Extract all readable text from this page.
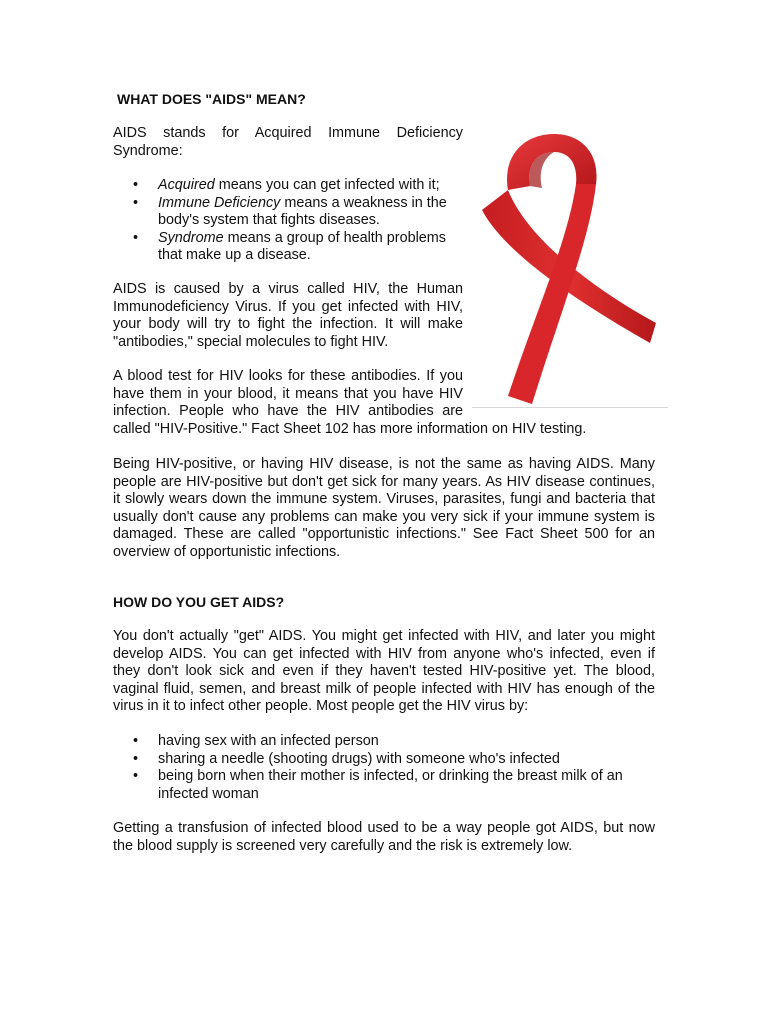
WHAT DOES "AIDS" MEAN?

AIDS stands for Acquired Immune Deficiency Syndrome:

• Acquired means you can get infected with it;
• Immune Deficiency means a weakness in the body's system that fights diseases.
• Syndrome means a group of health problems that make up a disease.

AIDS is caused by a virus called HIV, the Human Immunodeficiency Virus. If you get infected with HIV, your body will try to fight the infection. It will make "antibodies," special molecules to fight HIV.

A blood test for HIV looks for these antibodies. If you have them in your blood, it means that you have HIV infection. People who have the HIV antibodies are called "HIV-Positive." Fact Sheet 102 has more information on HIV testing.

Being HIV-positive, or having HIV disease, is not the same as having AIDS. Many people are HIV-positive but don't get sick for many years. As HIV disease continues, it slowly wears down the immune system. Viruses, parasites, fungi and bacteria that usually don't cause any problems can make you very sick if your immune system is damaged. These are called "opportunistic infections." See Fact Sheet 500 for an overview of opportunistic infections.

HOW DO YOU GET AIDS?

You don't actually "get" AIDS. You might get infected with HIV, and later you might develop AIDS. You can get infected with HIV from anyone who's infected, even if they don't look sick and even if they haven't tested HIV-positive yet. The blood, vaginal fluid, semen, and breast milk of people infected with HIV has enough of the virus in it to infect other people. Most people get the HIV virus by:

• having sex with an infected person
• sharing a needle (shooting drugs) with someone who's infected
• being born when their mother is infected, or drinking the breast milk of an infected woman

Getting a transfusion of infected blood used to be a way people got AIDS, but now the blood supply is screened very carefully and the risk is extremely low.
